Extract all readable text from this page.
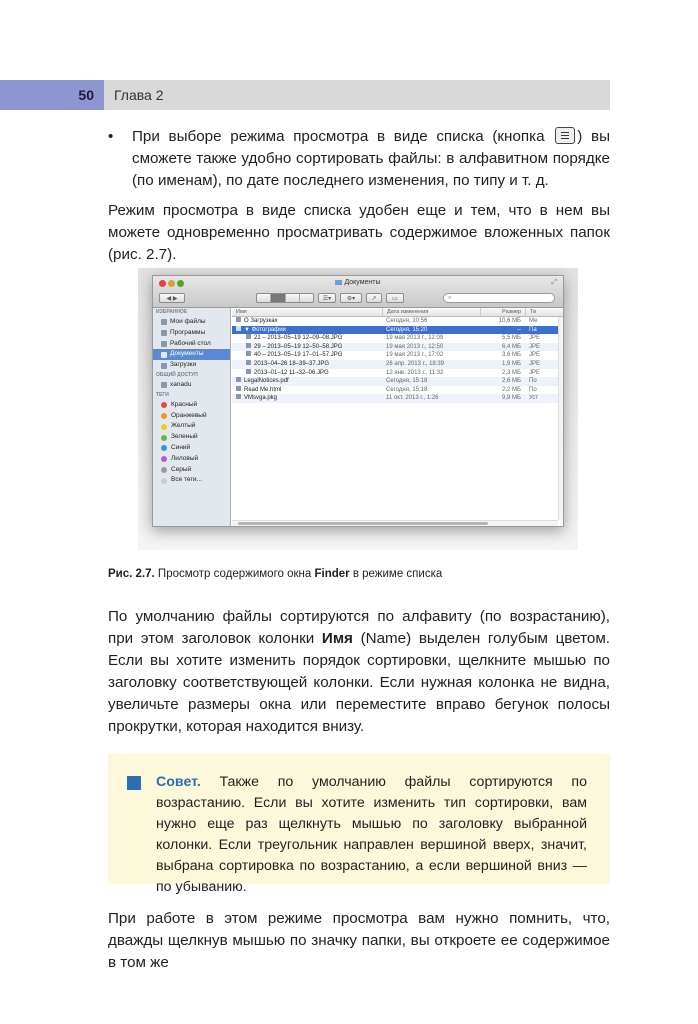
50	Глава 2
•	При выборе режима просмотра в виде списка (кнопка ) вы сможете также удобно сортировать файлы: в алфавитном порядке (по именам), по дате последнего изменения, по типу и т. д.

Режим просмотра в виде списка удобен еще и тем, что в нем вы можете одновременно просматривать содержимое вложенных папок (рис. 2.7).

Документы	⤢
◀ ▶	☰▾	⚙▾	↗	▭	⌕
ИЗБРАННОЕ
Мои файлы
Программы
Рабочий стол
Документы
Загрузки
ОБЩИЙ ДОСТУП
xanadu
ТЕГИ
Красный
Оранжевый
Желтый
Зеленый
Синий
Лиловый
Серый
Все теги...
Имя	Дата изменения	Размер	Ти
О Загрузках	Сегодня, 10:56	10,6 МБ	Ме
▼ Фотографии	Сегодня, 15:20	--	Па
21 – 2013–05–19 12–09–08.JPG	19 мая 2013 г., 12:09	5,5 МБ	JPE
29 – 2013–05–19 12–50–58.JPG	19 мая 2013 г., 12:50	6,4 МБ	JPE
40 – 2013–05–19 17–01–57.JPG	19 мая 2013 г., 17:02	3,6 МБ	JPE
2013–04–26 18–39–37.JPG	26 апр. 2013 г., 18:39	1,9 МБ	JPE
2013–01–12 11–32–06.JPG	12 янв. 2013 г., 11:32	2,3 МБ	JPE
LegalNotices.pdf	Сегодня, 15:18	2,6 МБ	По
Read Me.html	Сегодня, 15:18	2,2 МБ	По
VMsvga.pkg	11 окт. 2013 г., 1:26	9,9 МБ	Уст
Рис. 2.7. Просмотр содержимого окна Finder в режиме списка

По умолчанию файлы сортируются по алфавиту (по возрастанию), при этом заголовок колонки Имя (Name) выделен голубым цветом. Если вы хотите изменить порядок сортировки, щелкните мышью по заголовку соответствующей колонки. Если нужная колонка не видна, увеличьте размеры окна или переместите вправо бегунок полосы прокрутки, которая находится внизу.

Совет. Также по умолчанию файлы сортируются по возрастанию. Если вы хотите изменить тип сортировки, вам нужно еще раз щелкнуть мышью по заголовку выбранной колонки. Если треугольник направлен вершиной вверх, значит, выбрана сортировка по возрастанию, а если вершиной вниз — по убыванию.

При работе в этом режиме просмотра вам нужно помнить, что, дважды щелкнув мышью по значку папки, вы откроете ее содержимое в том же
